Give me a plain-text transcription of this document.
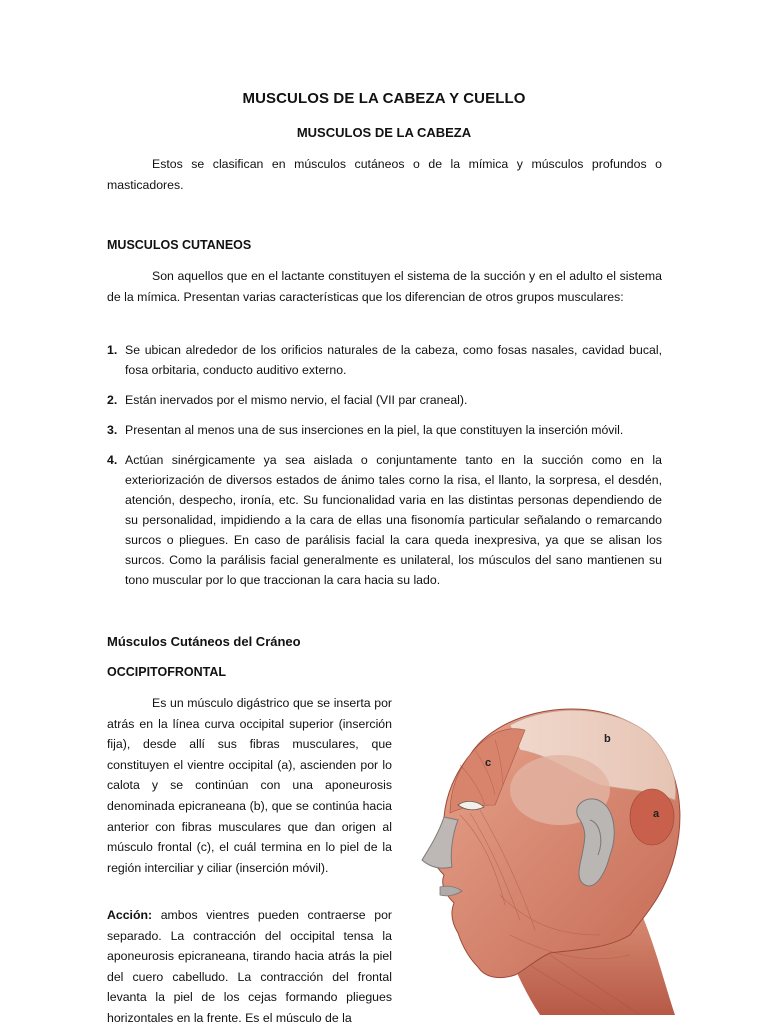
MUSCULOS DE LA CABEZA Y CUELLO
MUSCULOS DE LA CABEZA

Estos se clasifican en músculos cutáneos o de la mímica y músculos profundos o masticadores.

MUSCULOS CUTANEOS

Son aquellos que en el lactante constituyen el sistema de la succión y en el adulto el sistema de la mímica. Presentan varias características que los diferencian de otros grupos musculares:

1. Se ubican alrededor de los orificios naturales de la cabeza, como fosas nasales, cavidad bucal, fosa orbitaria, conducto auditivo externo.
2. Están inervados por el mismo nervio, el facial (VII par craneal).
3. Presentan al menos una de sus inserciones en la piel, la que constituyen la inserción móvil.
4. Actúan sinérgicamente ya sea aislada o conjuntamente tanto en la succión como en la exteriorización de diversos estados de ánimo tales corno la risa, el llanto, la sorpresa, el desdén, atención, despecho, ironía, etc. Su funcionalidad varia en las distintas personas dependiendo de su personalidad, impidiendo a la cara de ellas una fisonomía particular señalando o remarcando surcos o pliegues. En caso de parálisis facial la cara queda inexpresiva, ya que se alisan los surcos. Como la parálisis facial generalmente es unilateral, los músculos del sano mantienen su tono muscular por lo que traccionan la cara hacia su lado.
Músculos Cutáneos del Cráneo
OCCIPITOFRONTAL

Es un músculo digástrico que se inserta por atrás en la línea curva occipital superior (inserción fija), desde allí sus fibras musculares, que constituyen el vientre occipital (a), ascienden por lo calota y se continúan con una aponeurosis denominada epicraneana (b), que se continúa hacia anterior con fibras musculares que dan origen al músculo frontal (c), el cuál termina en lo piel de la región interciliar y ciliar (inserción móvil).

Acción: ambos vientres pueden contraerse por separado. La contracción del occipital tensa la aponeurosis epicraneana, tirando hacia atrás la piel del cuero cabelludo. La contracción del frontal levanta la piel de los cejas formando pliegues horizontales en la frente. Es el músculo de la

b
c
a
